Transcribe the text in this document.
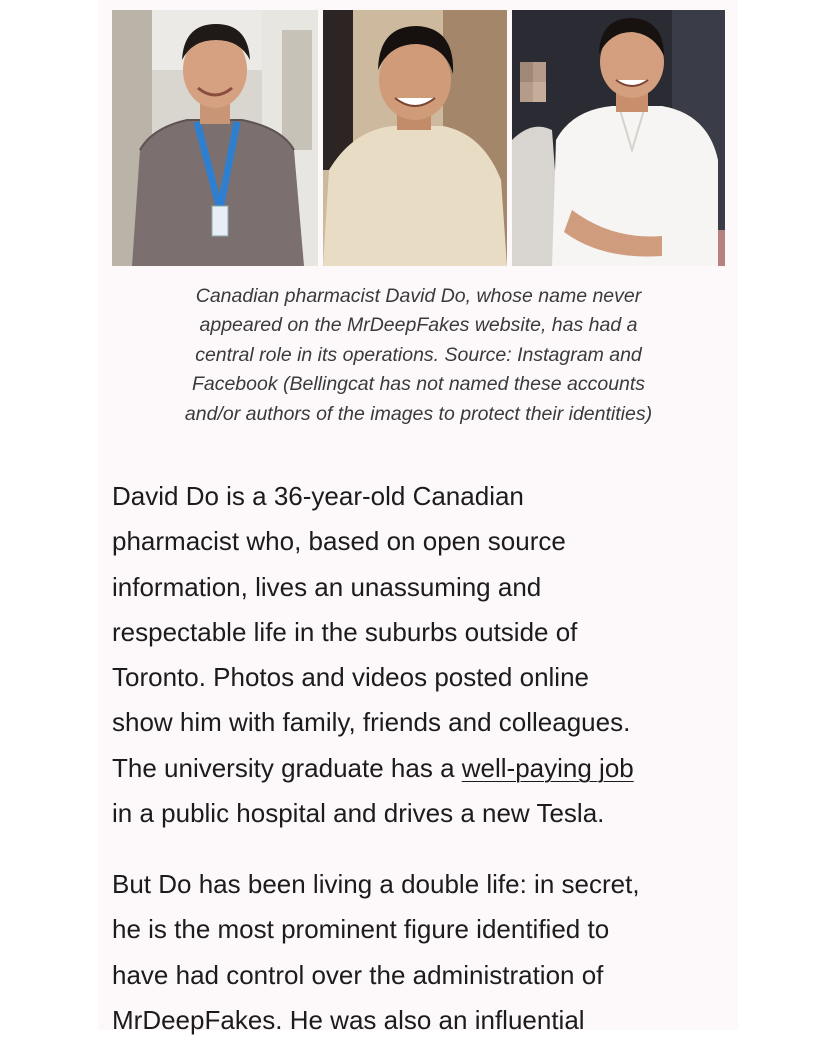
Canadian pharmacist David Do, whose name never
appeared on the MrDeepFakes website, has had a
central role in its operations. Source: Instagram and
Facebook (Bellingcat has not named these accounts
and/or authors of the images to protect their identities)
David Do is a 36-year-old Canadian
pharmacist who, based on open source
information, lives an unassuming and
respectable life in the suburbs outside of
Toronto. Photos and videos posted online
show him with family, friends and colleagues.
The university graduate has a well-paying job
in a public hospital and drives a new Tesla.
But Do has been living a double life: in secret,
he is the most prominent figure identified to
have had control over the administration of
MrDeepFakes. He was also an influential
